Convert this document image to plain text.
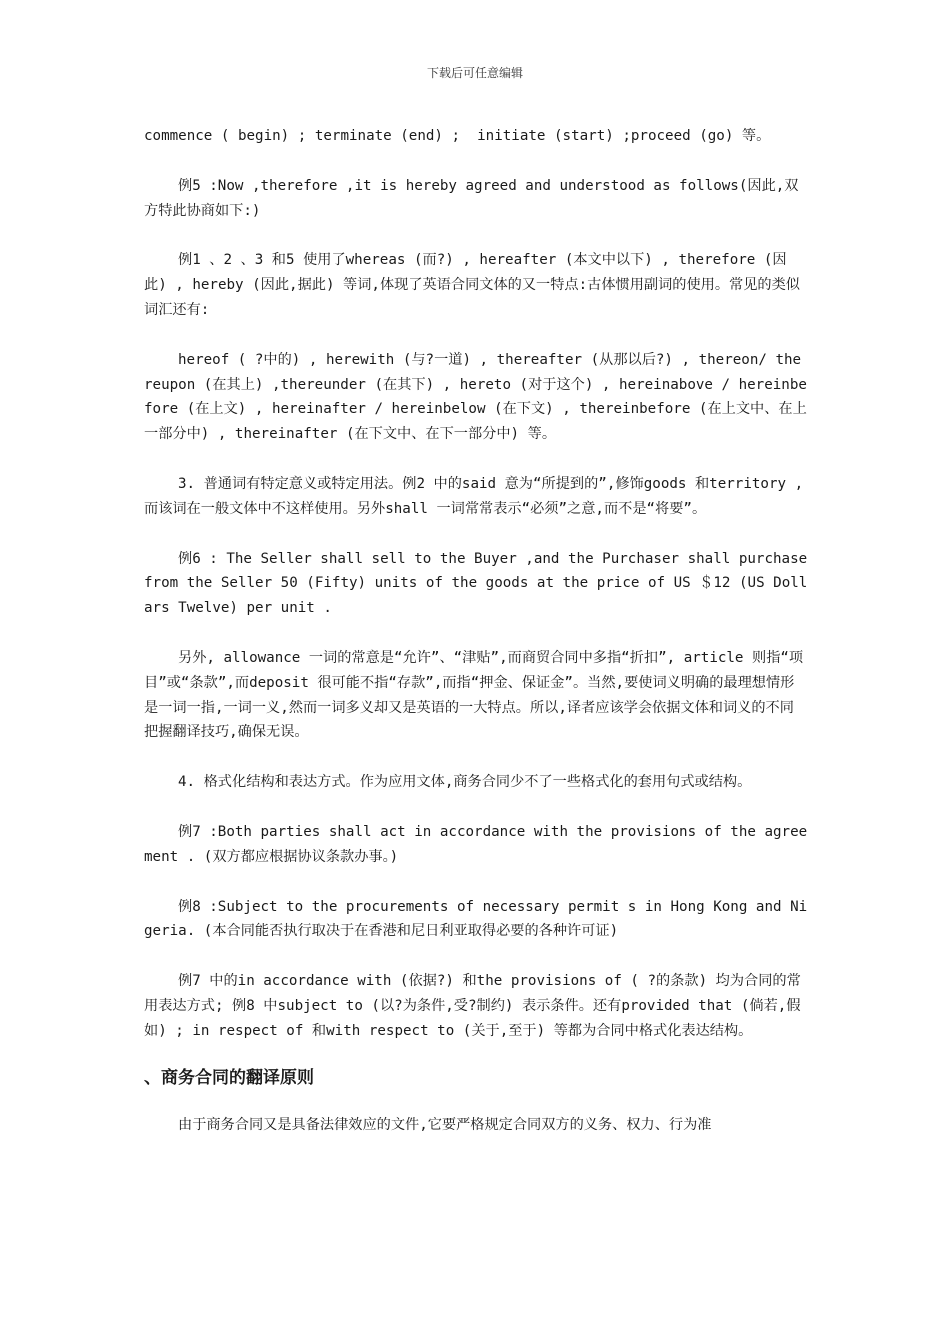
下载后可任意编辑

commence ( begin) ; terminate (end) ;  initiate (start) ;proceed (go) 等。

例5 :Now ,therefore ,it is hereby agreed and understood as follows(因此,双方特此协商如下:)

例1 、2 、3 和5 使用了whereas (而?) , hereafter (本文中以下) , therefore (因此) , hereby (因此,据此) 等词,体现了英语合同文体的又一特点:古体惯用副词的使用。常见的类似词汇还有:

hereof ( ?中的) , herewith (与?一道) , thereafter (从那以后?) , thereon/ thereupon (在其上) ,thereunder (在其下) , hereto (对于这个) , hereinabove / hereinbefore (在上文) , hereinafter / hereinbelow (在下文) , thereinbefore (在上文中、在上一部分中) , thereinafter (在下文中、在下一部分中) 等。

3. 普通词有特定意义或特定用法。例2 中的said 意为“所提到的”,修饰goods 和territory ,而该词在一般文体中不这样使用。另外shall 一词常常表示“必须”之意,而不是“将要”。

例6 : The Seller shall sell to the Buyer ,and the Purchaser shall purchase from the Seller 50 (Fifty) units of the goods at the price of US ＄12 (US Dollars Twelve) per unit .

另外, allowance 一词的常意是“允许”、“津贴”,而商贸合同中多指“折扣”, article 则指“项目”或“条款”,而deposit 很可能不指“存款”,而指“押金、保证金”。当然,要使词义明确的最理想情形是一词一指,一词一义,然而一词多义却又是英语的一大特点。所以,译者应该学会依据文体和词义的不同把握翻译技巧,确保无误。

4. 格式化结构和表达方式。作为应用文体,商务合同少不了一些格式化的套用句式或结构。

例7 :Both parties shall act in accordance with the provisions of the agreement . (双方都应根据协议条款办事。)

例8 :Subject to the procurements of necessary permit s in Hong Kong and Nigeria. (本合同能否执行取决于在香港和尼日利亚取得必要的各种许可证)

例7 中的in accordance with (依据?) 和the provisions of ( ?的条款) 均为合同的常用表达方式; 例8 中subject to (以?为条件,受?制约) 表示条件。还有provided that (倘若,假如) ; in respect of 和with respect to (关于,至于) 等都为合同中格式化表达结构。

、商务合同的翻译原则

由于商务合同又是具备法律效应的文件,它要严格规定合同双方的义务、权力、行为准
